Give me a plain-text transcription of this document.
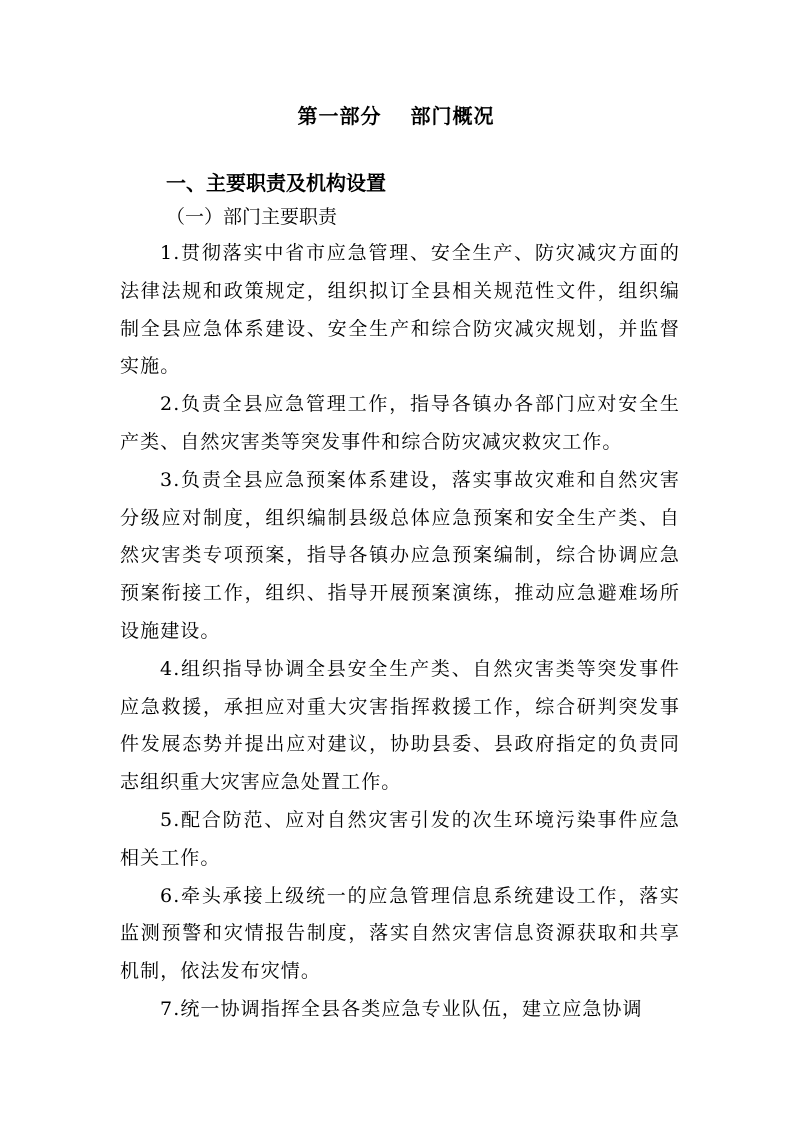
第一部分　 部门概况

一、主要职责及机构设置

（一）部门主要职责

1.贯彻落实中省市应急管理、安全生产、防灾减灾方面的法律法规和政策规定，组织拟订全县相关规范性文件，组织编制全县应急体系建设、安全生产和综合防灾减灾规划，并监督实施。

2.负责全县应急管理工作，指导各镇办各部门应对安全生产类、自然灾害类等突发事件和综合防灾减灾救灾工作。

3.负责全县应急预案体系建设，落实事故灾难和自然灾害分级应对制度，组织编制县级总体应急预案和安全生产类、自然灾害类专项预案，指导各镇办应急预案编制，综合协调应急预案衔接工作，组织、指导开展预案演练，推动应急避难场所设施建设。

4.组织指导协调全县安全生产类、自然灾害类等突发事件应急救援，承担应对重大灾害指挥救援工作，综合研判突发事件发展态势并提出应对建议，协助县委、县政府指定的负责同志组织重大灾害应急处置工作。

5.配合防范、应对自然灾害引发的次生环境污染事件应急相关工作。

6.牵头承接上级统一的应急管理信息系统建设工作，落实监测预警和灾情报告制度，落实自然灾害信息资源获取和共享机制，依法发布灾情。

7.统一协调指挥全县各类应急专业队伍，建立应急协调
